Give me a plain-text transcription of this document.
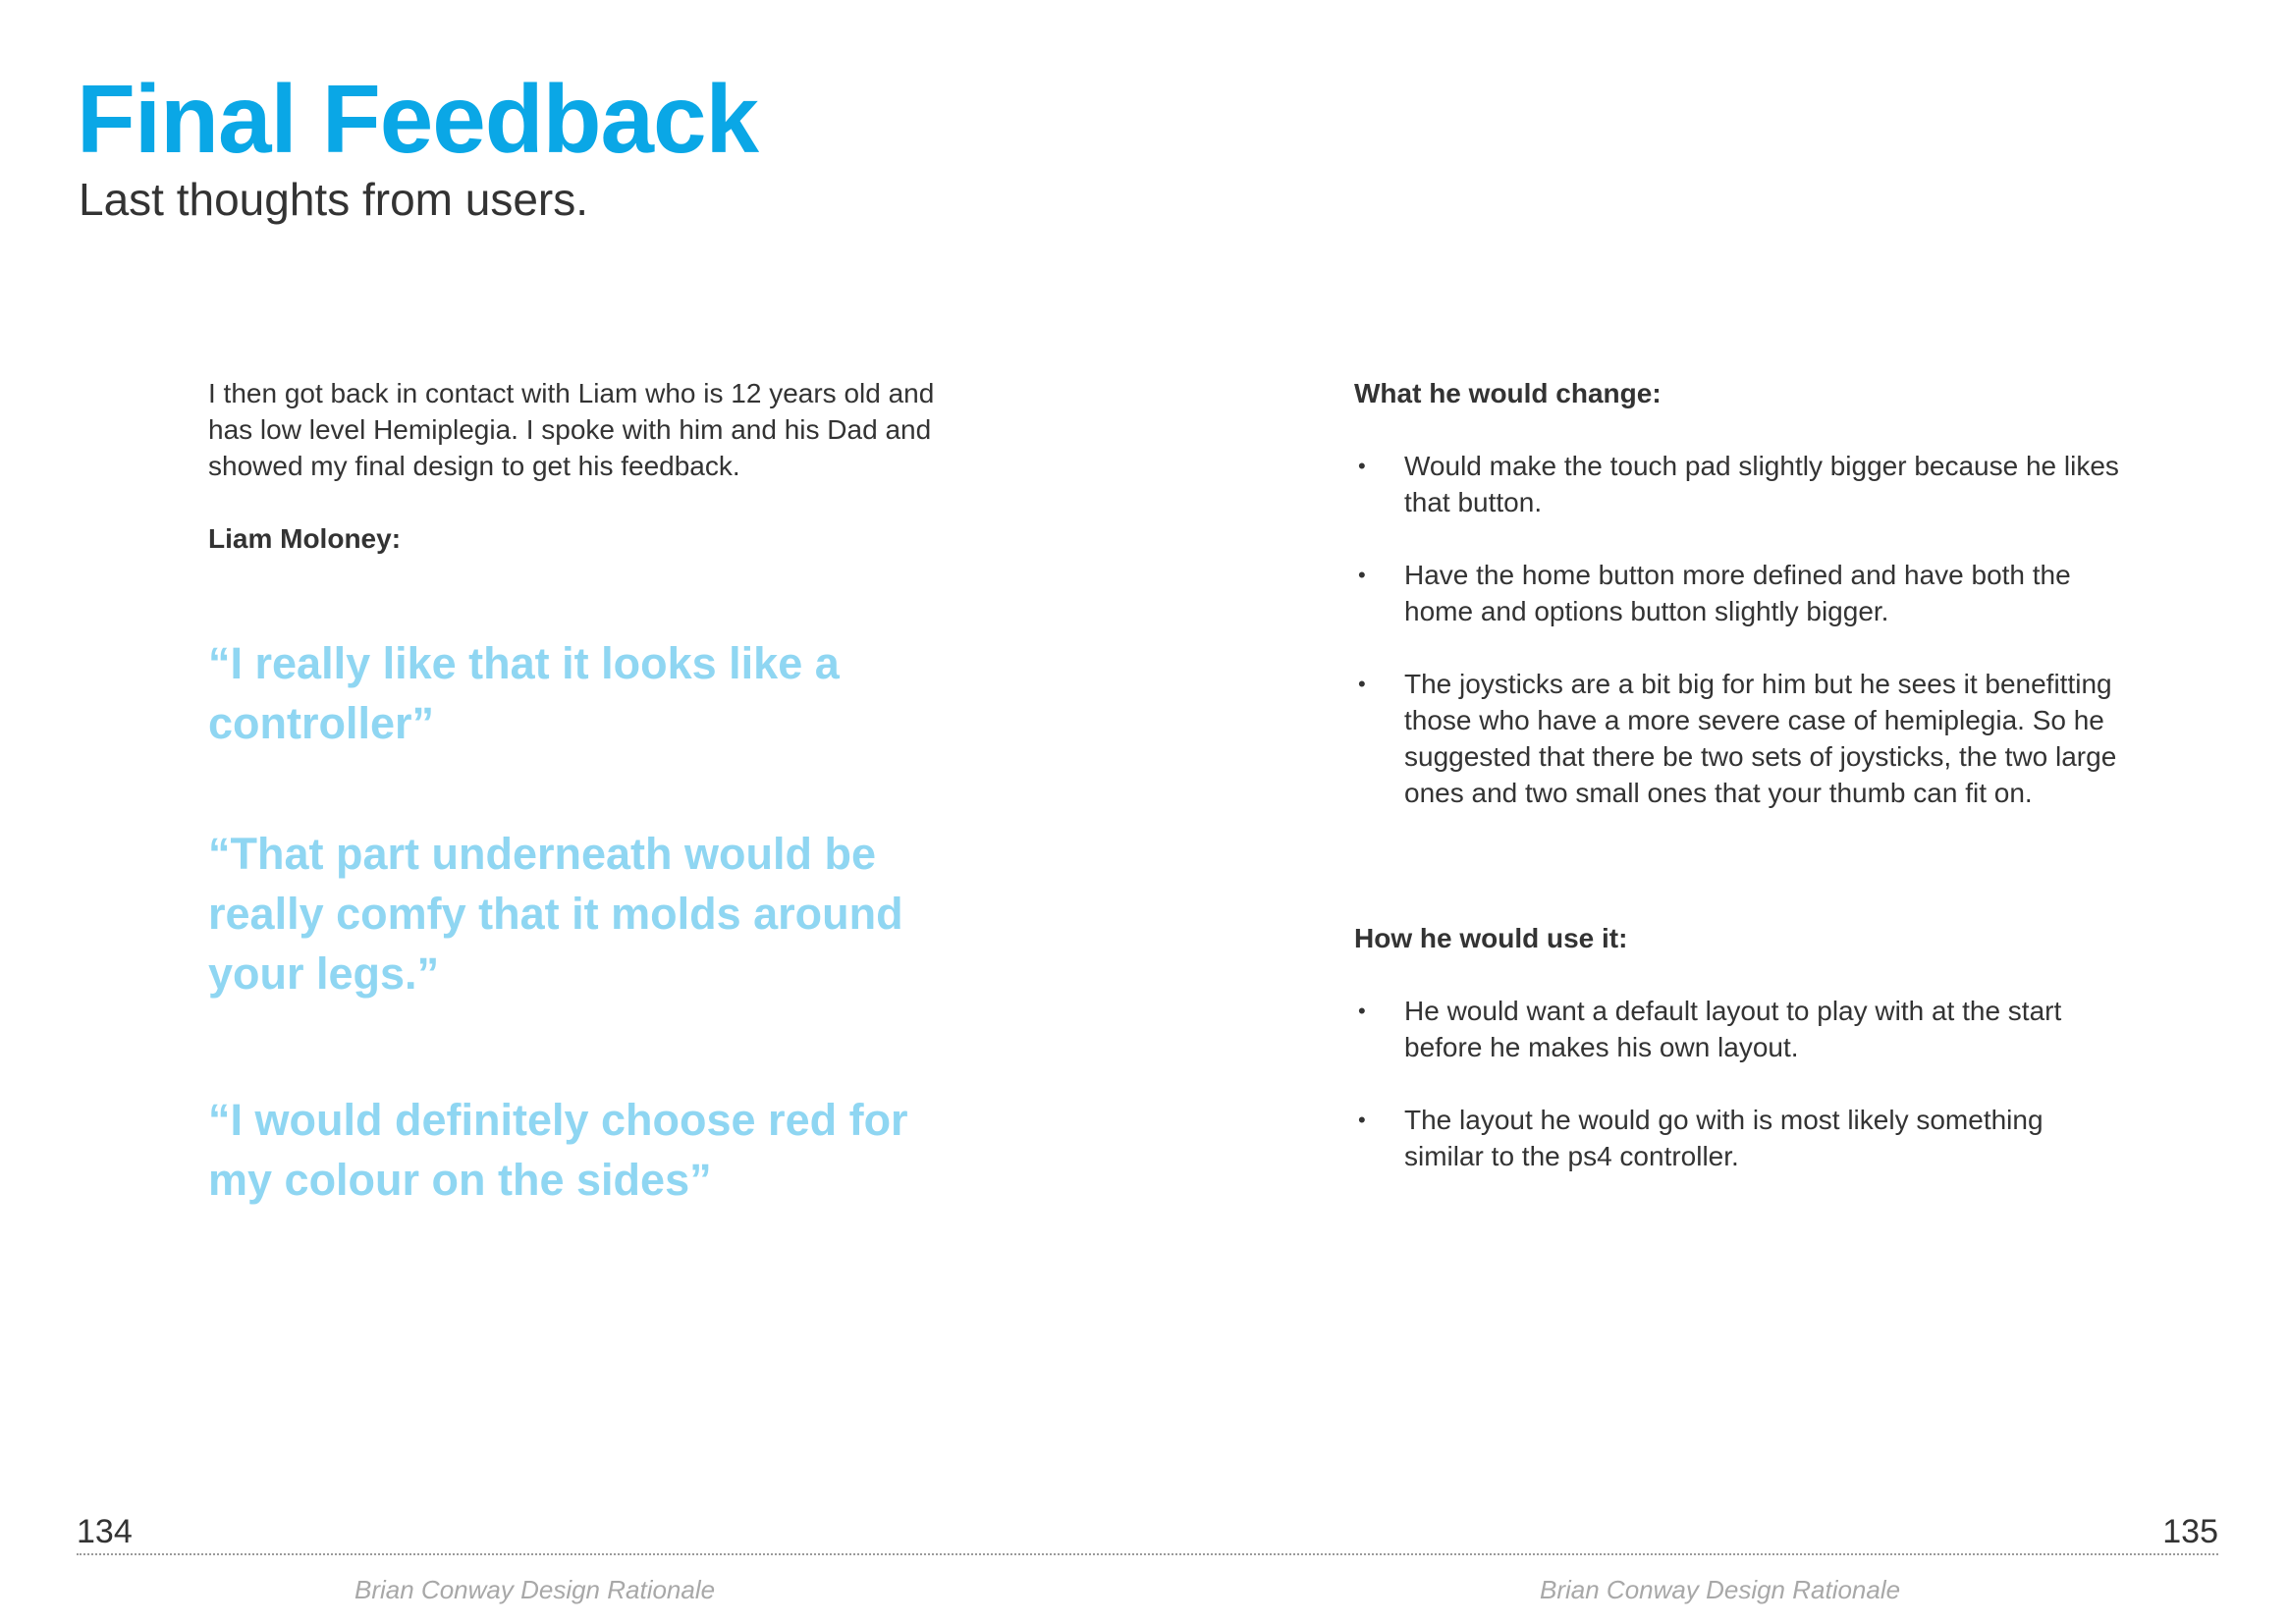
Final Feedback
Last thoughts from users.

I then got back in contact with Liam who is 12 years old and has low level Hemiplegia. I spoke with him and his Dad and showed my final design to get his feedback.

Liam Moloney:

“I really like that it looks like a controller”

“That part underneath would be really comfy that it molds around your legs.”

“I would definitely choose red for my colour on the sides”

What he would change:

• Would make the touch pad slightly bigger because he likes that button.
• Have the home button more defined and have both the home and options button slightly bigger.
• The joysticks are a bit big for him but he sees it benefitting those who have a more severe case of hemiplegia. So he suggested that there be two sets of joysticks, the two large ones and two small ones that your thumb can fit on.

How he would use it:

• He would want a default layout to play with at the start before he makes his own layout.
• The layout he would go with is most likely something similar to the ps4 controller.
134	135
Brian Conway Design Rationale	Brian Conway Design Rationale
